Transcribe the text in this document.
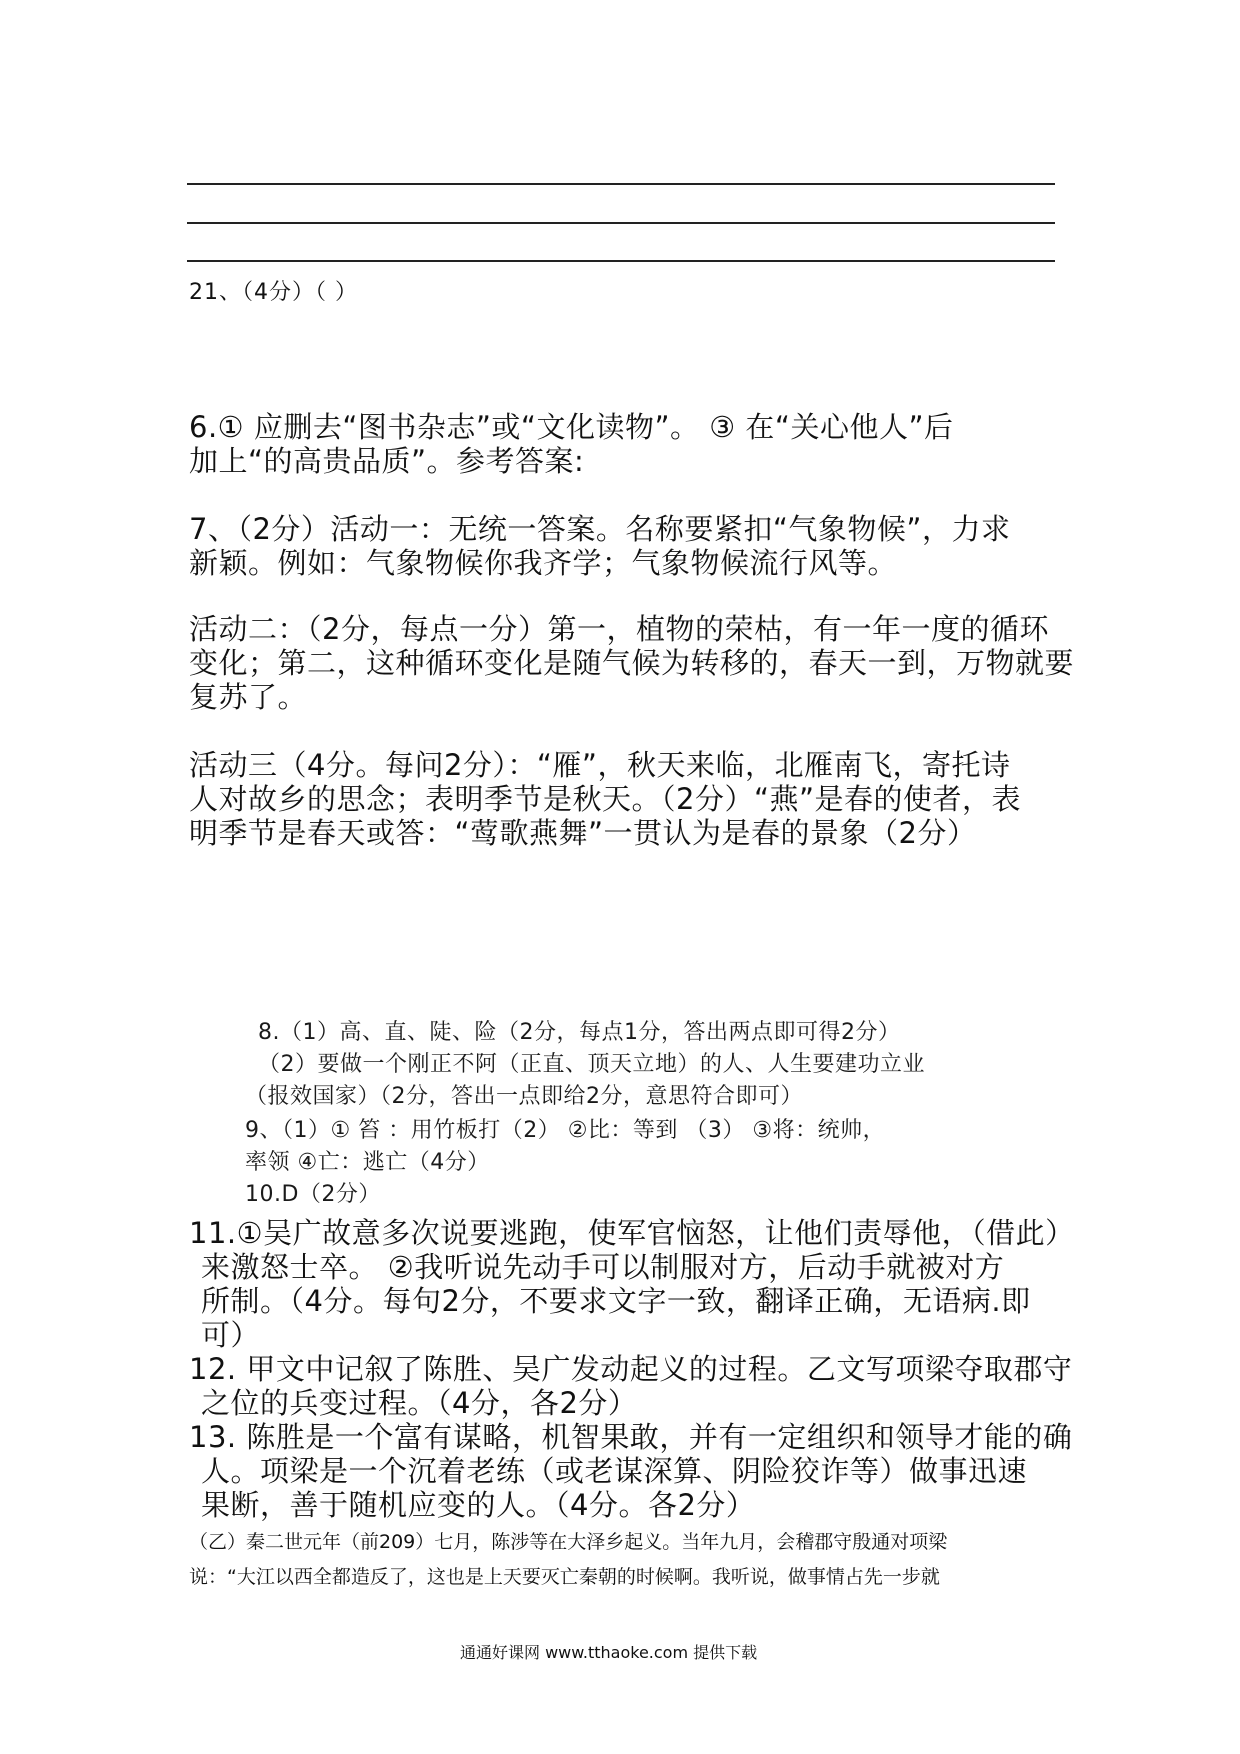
21、（4分）（ ）
6.① 应删去“图书杂志”或“文化读物”。 ③ 在“关心他人”后
加上“的高贵品质”。参考答案:
7、（2分）活动一：无统一答案。名称要紧扣“气象物候”，力求
新颖。例如：气象物候你我齐学；气象物候流行风等。
活动二：（2分，每点一分）第一，植物的荣枯，有一年一度的循环
变化；第二，这种循环变化是随气候为转移的，春天一到，万物就要
复苏了。
活动三（4分。每问2分）：“雁”，秋天来临，北雁南飞，寄托诗
人对故乡的思念；表明季节是秋天。（2分）“燕”是春的使者，表
明季节是春天或答：“莺歌燕舞”一贯认为是春的景象（2分）
8.（1）高、直、陡、险（2分，每点1分，答出两点即可得2分）
（2）要做一个刚正不阿（正直、顶天立地）的人、人生要建功立业
（报效国家）（2分，答出一点即给2分，意思符合即可）
9、（1）① 笞 ：用竹板打（2） ②比：等到 （3） ③将：统帅，
率领 ④亡：逃亡（4分）
10.D（2分）
11.①吴广故意多次说要逃跑，使军官恼怒，让他们责辱他，（借此）
来激怒士卒。 ②我听说先动手可以制服对方，后动手就被对方
所制。（4分。每句2分，不要求文字一致，翻译正确，无语病.即
可）
12. 甲文中记叙了陈胜、吴广发动起义的过程。乙文写项梁夺取郡守
之位的兵变过程。（4分，各2分）
13. 陈胜是一个富有谋略，机智果敢，并有一定组织和领导才能的确
人。项梁是一个沉着老练（或老谋深算、阴险狡诈等）做事迅速
果断，善于随机应变的人。（4分。各2分）
（乙）秦二世元年（前209）七月，陈涉等在大泽乡起义。当年九月，会稽郡守殷通对项梁
说：“大江以西全都造反了，这也是上天要灭亡秦朝的时候啊。我听说，做事情占先一步就
通通好课网 www.tthaoke.com 提供下载
